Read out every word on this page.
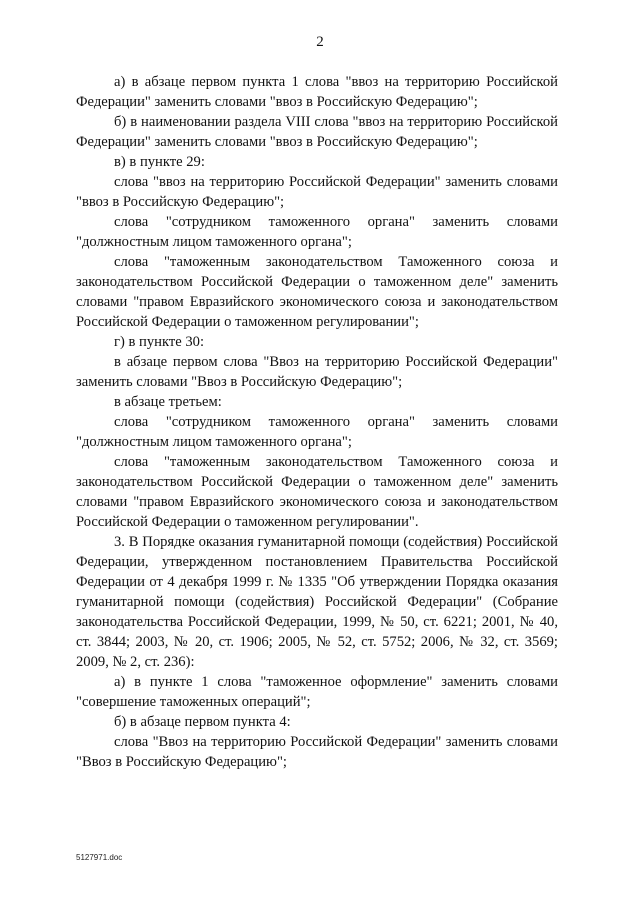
2

а) в абзаце первом пункта 1 слова "ввоз на территорию Российской Федерации" заменить словами "ввоз в Российскую Федерацию";

б) в наименовании раздела VIII слова "ввоз на территорию Российской Федерации" заменить словами "ввоз в Российскую Федерацию";

в) в пункте 29:

слова "ввоз на территорию Российской Федерации" заменить словами "ввоз в Российскую Федерацию";

слова "сотрудником таможенного органа" заменить словами "должностным лицом таможенного органа";

слова "таможенным законодательством Таможенного союза и законодательством Российской Федерации о таможенном деле" заменить словами "правом Евразийского экономического союза и законодательством Российской Федерации о таможенном регулировании";

г) в пункте 30:

в абзаце первом слова "Ввоз на территорию Российской Федерации" заменить словами "Ввоз в Российскую Федерацию";

в абзаце третьем:

слова "сотрудником таможенного органа" заменить словами "должностным лицом таможенного органа";

слова "таможенным законодательством Таможенного союза и законодательством Российской Федерации о таможенном деле" заменить словами "правом Евразийского экономического союза и законодательством Российской Федерации о таможенном регулировании".

3. В Порядке оказания гуманитарной помощи (содействия) Российской Федерации, утвержденном постановлением Правительства Российской Федерации от 4 декабря 1999 г. № 1335 "Об утверждении Порядка оказания гуманитарной помощи (содействия) Российской Федерации" (Собрание законодательства Российской Федерации, 1999, № 50, ст. 6221; 2001, № 40, ст. 3844; 2003, № 20, ст. 1906; 2005, № 52, ст. 5752; 2006, № 32, ст. 3569; 2009, № 2, ст. 236):

а) в пункте 1 слова "таможенное оформление" заменить словами "совершение таможенных операций";

б) в абзаце первом пункта 4:

слова "Ввоз на территорию Российской Федерации" заменить словами "Ввоз в Российскую Федерацию";

5127971.doc
